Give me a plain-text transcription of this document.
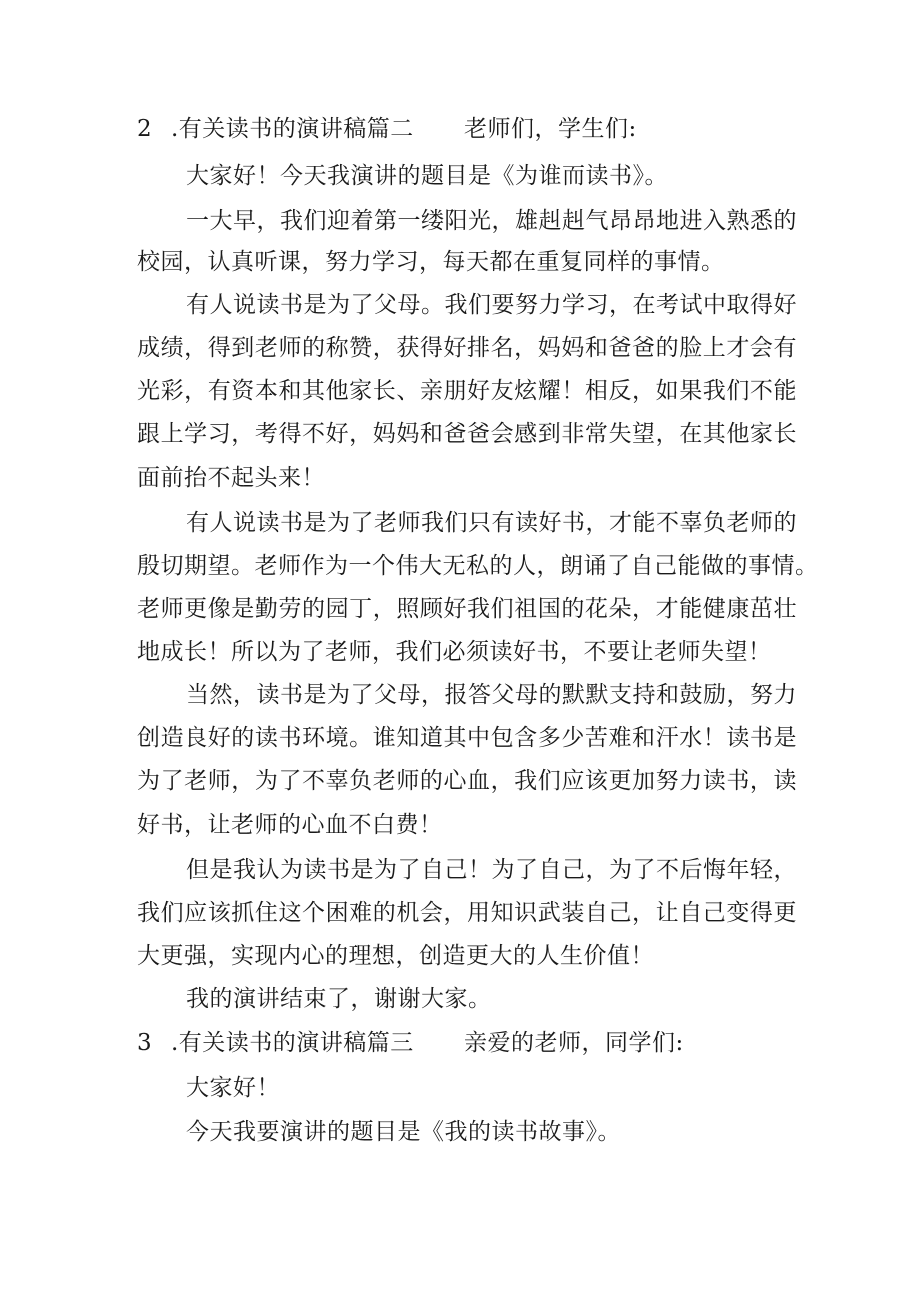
2 .有关读书的演讲稿篇二 老师们，学生们:
大家好！今天我演讲的题目是《为谁而读书》。
一大早，我们迎着第一缕阳光，雄赳赳气昂昂地进入熟悉的
校园，认真听课，努力学习，每天都在重复同样的事情。
有人说读书是为了父母。我们要努力学习，在考试中取得好
成绩，得到老师的称赞，获得好排名，妈妈和爸爸的脸上才会有
光彩，有资本和其他家长、亲朋好友炫耀！相反，如果我们不能
跟上学习，考得不好，妈妈和爸爸会感到非常失望，在其他家长
面前抬不起头来！
有人说读书是为了老师我们只有读好书，才能不辜负老师的
殷切期望。老师作为一个伟大无私的人，朗诵了自己能做的事情。
老师更像是勤劳的园丁，照顾好我们祖国的花朵，才能健康茁壮
地成长！所以为了老师，我们必须读好书，不要让老师失望！
当然，读书是为了父母，报答父母的默默支持和鼓励，努力
创造良好的读书环境。谁知道其中包含多少苦难和汗水！读书是
为了老师，为了不辜负老师的心血，我们应该更加努力读书，读
好书，让老师的心血不白费！
但是我认为读书是为了自己！为了自己，为了不后悔年轻，
我们应该抓住这个困难的机会，用知识武装自己，让自己变得更
大更强，实现内心的理想，创造更大的人生价值！
我的演讲结束了，谢谢大家。
3 .有关读书的演讲稿篇三 亲爱的老师，同学们:
大家好！
今天我要演讲的题目是《我的读书故事》。
